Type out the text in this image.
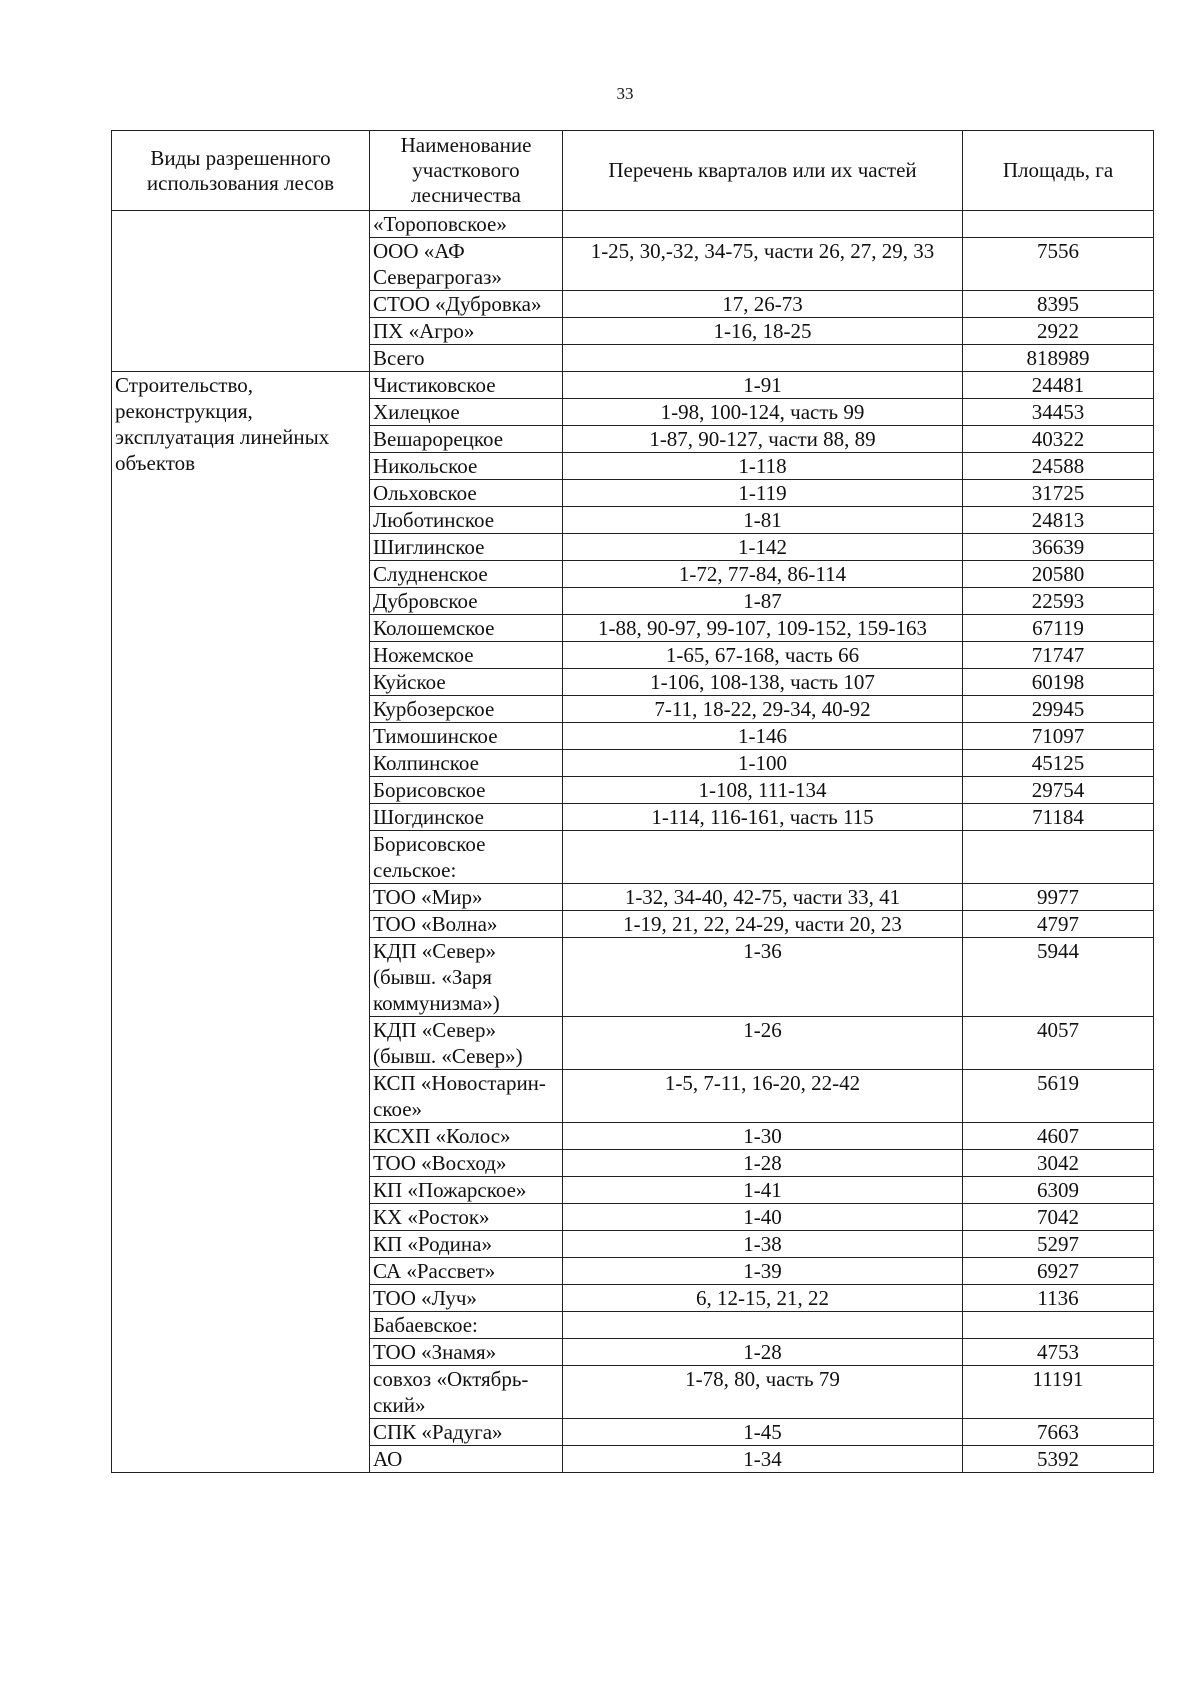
33
Виды разрешенного использования лесов	Наименование участкового лесничества	Перечень кварталов или их частей	Площадь, га
	«Тороповское»		
	ООО «АФ Северагрогаз»	1-25, 30,-32, 34-75, части 26, 27, 29, 33	7556
	СТОО «Дубровка»	17, 26-73	8395
	ПХ «Агро»	1-16, 18-25	2922
	Всего		818989
Строительство, реконструкция, эксплуатация линейных объектов	Чистиковское	1-91	24481
	Хилецкое	1-98, 100-124, часть 99	34453
	Вешарорецкое	1-87, 90-127, части 88, 89	40322
	Никольское	1-118	24588
	Ольховское	1-119	31725
	Люботинское	1-81	24813
	Шиглинское	1-142	36639
	Слудненское	1-72, 77-84, 86-114	20580
	Дубровское	1-87	22593
	Колошемское	1-88, 90-97, 99-107, 109-152, 159-163	67119
	Ножемское	1-65, 67-168, часть 66	71747
	Куйское	1-106, 108-138, часть 107	60198
	Курбозерское	7-11, 18-22, 29-34, 40-92	29945
	Тимошинское	1-146	71097
	Колпинское	1-100	45125
	Борисовское	1-108, 111-134	29754
	Шогдинское	1-114, 116-161, часть 115	71184
	Борисовское сельское:		
	ТОО «Мир»	1-32, 34-40, 42-75, части 33, 41	9977
	ТОО «Волна»	1-19, 21, 22, 24-29, части 20, 23	4797
	КДП «Север» (бывш. «Заря коммунизма»)	1-36	5944
	КДП «Север» (бывш. «Север»)	1-26	4057
	КСП «Новостарин-ское»	1-5, 7-11, 16-20, 22-42	5619
	КСХП «Колос»	1-30	4607
	ТОО «Восход»	1-28	3042
	КП «Пожарское»	1-41	6309
	КХ «Росток»	1-40	7042
	КП «Родина»	1-38	5297
	СА «Рассвет»	1-39	6927
	ТОО «Луч»	6, 12-15, 21, 22	1136
	Бабаевское:		
	ТОО «Знамя»	1-28	4753
	совхоз «Октябрь-ский»	1-78, 80, часть 79	11191
	СПК «Радуга»	1-45	7663
	АО	1-34	5392
